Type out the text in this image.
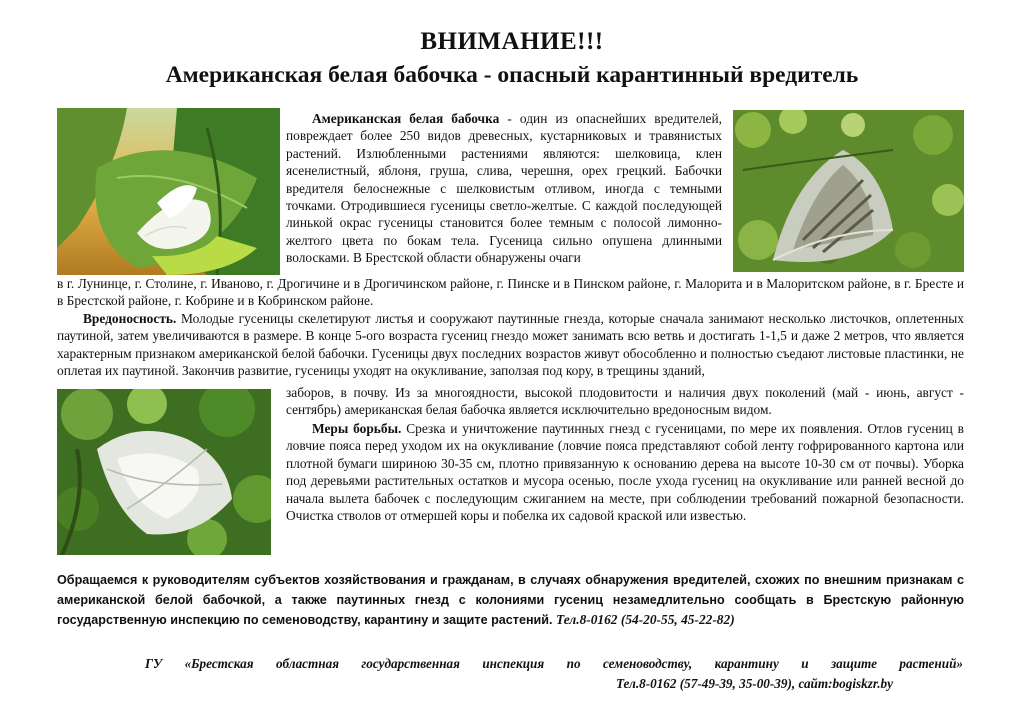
ВНИМАНИЕ!!!
Американская белая бабочка - опасный карантинный вредитель

Американская белая бабочка - один из опаснейших вредителей, повреждает более 250 видов древесных, кустарниковых и травянистых растений. Излюбленными растениями являются: шелковица, клен ясенелистный, яблоня, груша, слива, черешня, орех грецкий. Бабочки вредителя белоснежные с шелковистым отливом, иногда с темными точками. Отродившиеся гусеницы светло-желтые. С каждой последующей линькой окрас гусеницы становится более темным с полосой лимонно-желтого цвета по бокам тела. Гусеница сильно опушена длинными волосками. В Брестской области обнаружены очаги

в г. Лунинце, г. Столине, г. Иваново, г. Дрогичине и в Дрогичинском районе, г. Пинске и в Пинском районе, г. Малорита и в Малоритском районе, в г. Бресте и в Брестской районе, г. Кобрине и в Кобринском районе.

Вредоносность. Молодые гусеницы скелетируют листья и сооружают паутинные гнезда, которые сначала занимают несколько листочков, оплетенных паутиной, затем увеличиваются в размере. В конце 5-ого возраста гусениц гнездо может занимать всю ветвь и достигать 1-1,5 и даже 2 метров, что является характерным признаком американской белой бабочки. Гусеницы двух последних возрастов живут обособленно и полностью съедают листовые пластинки, не оплетая их паутиной. Закончив развитие, гусеницы уходят на окукливание, заползая под кору, в трещины зданий,

заборов, в почву. Из за многоядности, высокой плодовитости и наличия двух поколений (май - июнь, август - сентябрь) американская белая бабочка является исключительно вредоносным видом.

Меры борьбы. Срезка и уничтожение паутинных гнезд с гусеницами, по мере их появления. Отлов гусениц в ловчие пояса перед уходом их на окукливание (ловчие пояса представляют собой ленту гофрированного картона или плотной бумаги шириною 30-35 см, плотно привязанную к основанию дерева на высоте 10-30 см от почвы). Уборка под деревьями растительных остатков и мусора осенью, после ухода гусениц на окукливание или ранней весной до начала вылета бабочек с последующим сжиганием на месте, при соблюдении требований пожарной безопасности. Очистка стволов от отмершей коры и побелка их садовой краской или известью.

Обращаемся к руководителям субъектов хозяйствования и гражданам, в случаях обнаружения вредителей, схожих по внешним признакам с американской белой бабочкой, а также паутинных гнезд с колониями гусениц незамедлительно сообщать в Брестскую районную государственную инспекцию по семеноводству, карантину и защите растений. Тел.8-0162 (54-20-55, 45-22-82)
ГУ «Брестская областная государственная инспекция по семеноводству, карантину и защите растений»
Тел.8-0162 (57-49-39, 35-00-39), сайт:bogiskzr.by
